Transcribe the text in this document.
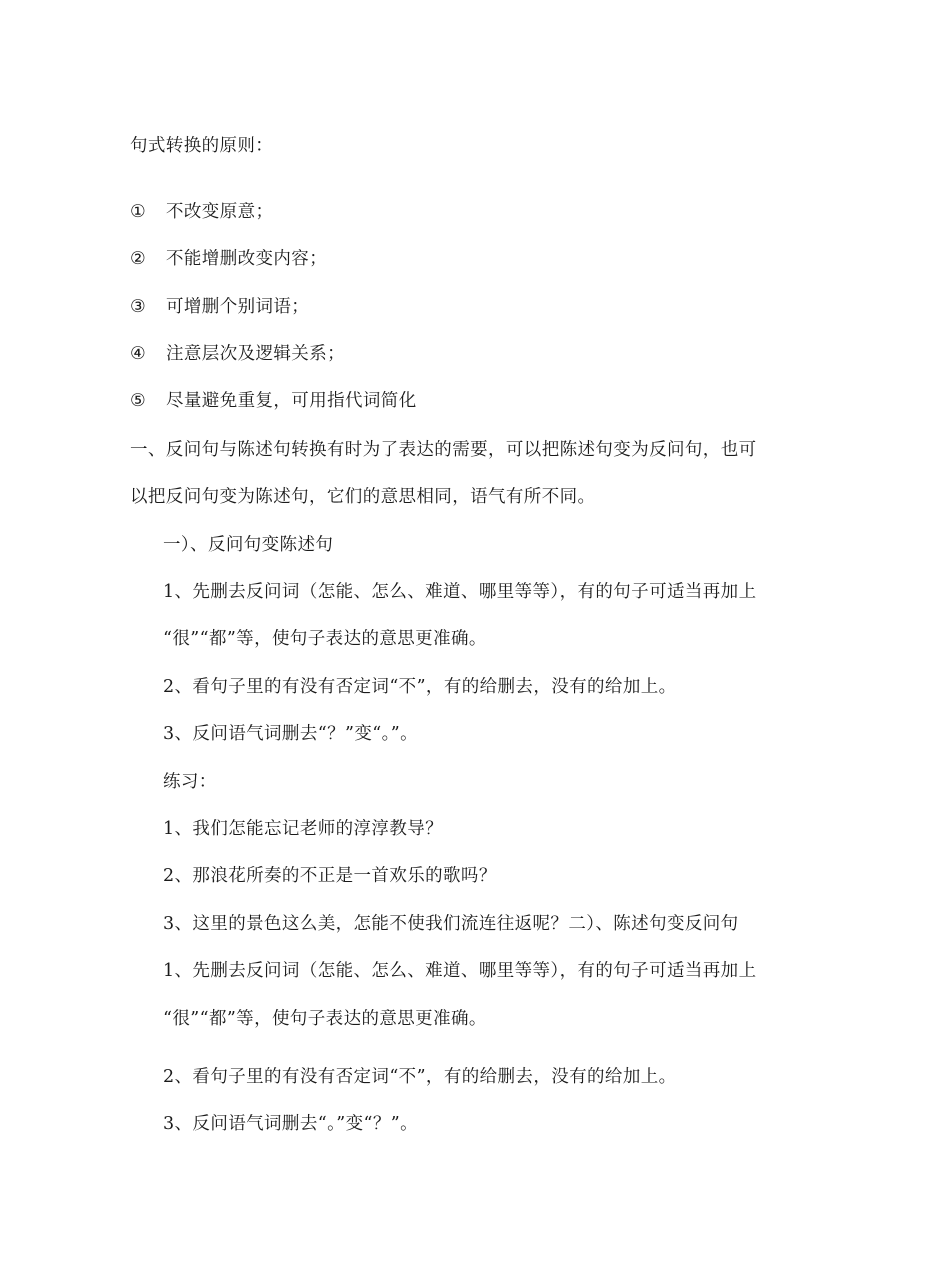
句式转换的原则：
① 不改变原意；
② 不能增删改变内容；
③ 可增删个别词语；
④ 注意层次及逻辑关系；
⑤ 尽量避免重复，可用指代词简化
一、反问句与陈述句转换有时为了表达的需要，可以把陈述句变为反问句，也可
以把反问句变为陈述句，它们的意思相同，语气有所不同。
一）、反问句变陈述句
1、先删去反问词（怎能、怎么、难道、哪里等等），有的句子可适当再加上
“很”“都”等，使句子表达的意思更准确。
2、看句子里的有没有否定词“不”，有的给删去，没有的给加上。
3、反问语气词删去“？”变“。”。
练习：
1、我们怎能忘记老师的淳淳教导？
2、那浪花所奏的不正是一首欢乐的歌吗？
3、这里的景色这么美，怎能不使我们流连往返呢？二）、陈述句变反问句
1、先删去反问词（怎能、怎么、难道、哪里等等），有的句子可适当再加上
“很”“都”等，使句子表达的意思更准确。
2、看句子里的有没有否定词“不”，有的给删去，没有的给加上。
3、反问语气词删去“。”变“？”。
